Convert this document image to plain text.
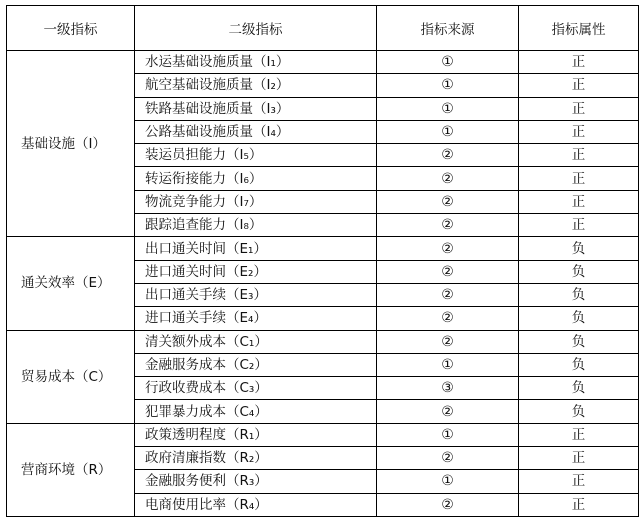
一级指标	二级指标	指标来源	指标属性
基础设施（I）	水运基础设施质量（I₁）	①	正
	航空基础设施质量（I₂）	①	正
	铁路基础设施质量（I₃）	①	正
	公路基础设施质量（I₄）	①	正
	装运员担能力（I₅）	②	正
	转运衔接能力（I₆）	②	正
	物流竞争能力（I₇）	②	正
	跟踪追查能力（I₈）	②	正
通关效率（E）	出口通关时间（E₁）	②	负
	进口通关时间（E₂）	②	负
	出口通关手续（E₃）	②	负
	进口通关手续（E₄）	②	负
贸易成本（C）	清关额外成本（C₁）	②	负
	金融服务成本（C₂）	①	负
	行政收费成本（C₃）	③	负
	犯罪暴力成本（C₄）	②	负
营商环境（R）	政策透明程度（R₁）	①	正
	政府清廉指数（R₂）	②	正
	金融服务便利（R₃）	①	正
	电商使用比率（R₄）	②	正
